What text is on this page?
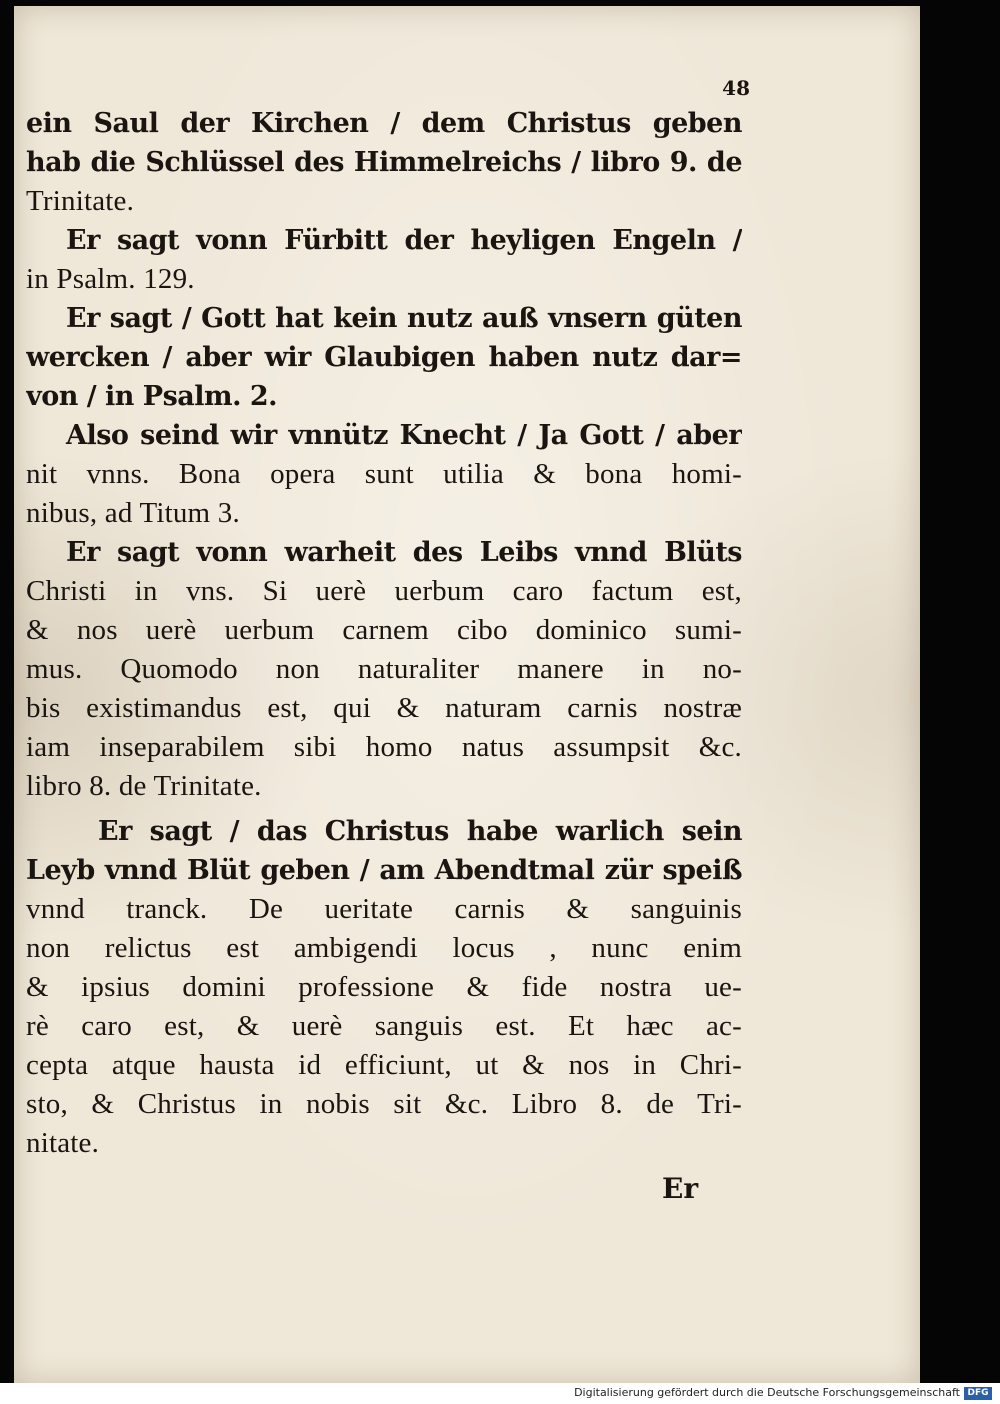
48
ein Saul der Kirchen / dem Christus geben
hab die Schlüssel des Himmelreichs / libro 9. de
Trinitate.
Er sagt vonn Fürbitt der heyligen Engeln /
in Psalm. 129.
Er sagt / Gott hat kein nutz auß vnsern güten
wercken / aber wir Glaubigen haben nutz dar=
von / in Psalm. 2.
Also seind wir vnnütz Knecht / Ja Gott / aber
nit vnns. Bona opera sunt utilia & bona homi-
nibus, ad Titum 3.
Er sagt vonn warheit des Leibs vnnd Blüts
Christi in vns. Si uerè uerbum caro factum est,
& nos uerè uerbum carnem cibo dominico sumi-
mus. Quomodo non naturaliter manere in no-
bis existimandus est, qui & naturam carnis nostræ
iam inseparabilem sibi homo natus assumpsit &c.
libro 8. de Trinitate.
Er sagt / das Christus habe warlich sein
Leyb vnnd Blüt geben / am Abendtmal zür speiß
vnnd tranck. De ueritate carnis & sanguinis
non relictus est ambigendi locus , nunc enim
& ipsius domini professione & fide nostra ue-
rè caro est, & uerè sanguis est. Et hæc ac-
cepta atque hausta id efficiunt, ut & nos in Chri-
sto, & Christus in nobis sit &c. Libro 8. de Tri-
nitate.
Er
Digitalisierung gefördert durch die Deutsche Forschungsgemeinschaft DFG
